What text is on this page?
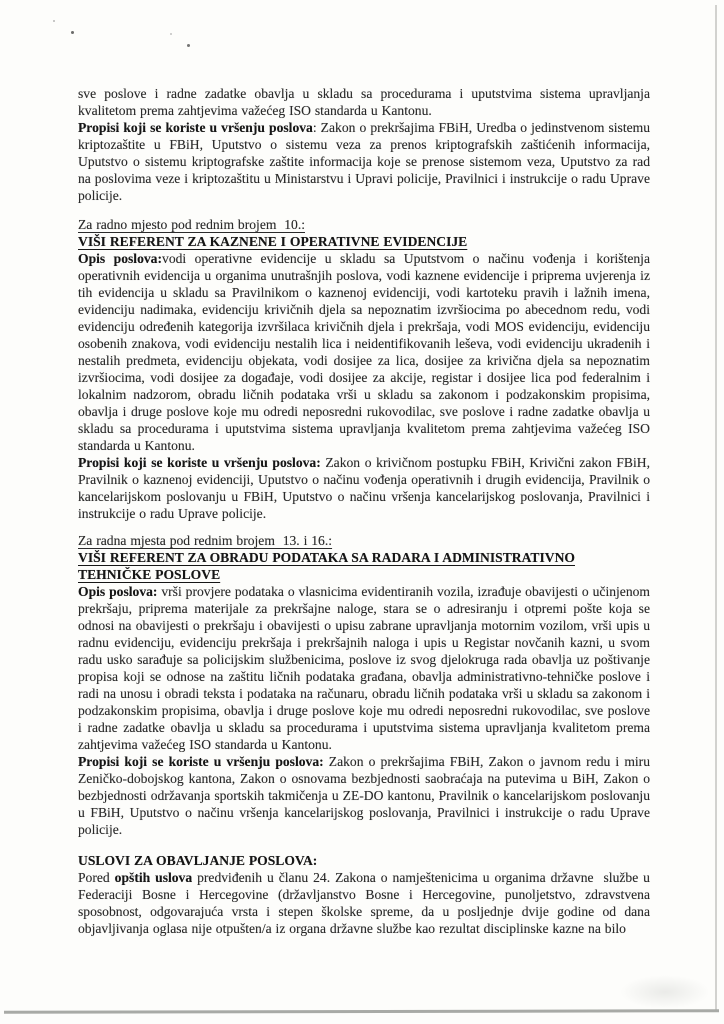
sve poslove i radne zadatke obavlja u skladu sa procedurama i uputstvima sistema upravljanja kvalitetom prema zahtjevima važećeg ISO standarda u Kantonu.

Propisi koji se koriste u vršenju poslova: Zakon o prekršajima FBiH, Uredba o jedinstvenom sistemu kriptozaštite u FBiH, Uputstvo o sistemu veza za prenos kriptografskih zaštićenih informacija, Uputstvo o sistemu kriptografske zaštite informacija koje se prenose sistemom veza, Uputstvo za rad na poslovima veze i kriptozaštitu u Ministarstvu i Upravi policije, Pravilnici i instrukcije o radu Uprave policije.

Za radno mjesto pod rednim brojem  10.:

VIŠI REFERENT ZA KAZNENE I OPERATIVNE EVIDENCIJE

Opis poslova:vodi operativne evidencije u skladu sa Uputstvom o načinu vođenja i korištenja operativnih evidencija u organima unutrašnjih poslova, vodi kaznene evidencije i priprema uvjerenja iz tih evidencija u skladu sa Pravilnikom o kaznenoj evidenciji, vodi kartoteku pravih i lažnih imena, evidenciju nadimaka, evidenciju krivičnih djela sa nepoznatim izvršiocima po abecednom redu, vodi evidenciju određenih kategorija izvršilaca krivičnih djela i prekršaja, vodi MOS evidenciju, evidenciju osobenih znakova, vodi evidenciju nestalih lica i neidentifikovanih leševa, vodi evidenciju ukradenih i nestalih predmeta, evidenciju objekata, vodi dosijee za lica, dosijee za krivična djela sa nepoznatim izvršiocima, vodi dosijee za događaje, vodi dosijee za akcije, registar i dosijee lica pod federalnim i lokalnim nadzorom, obradu ličnih podataka vrši u skladu sa zakonom i podzakonskim propisima, obavlja i druge poslove koje mu odredi neposredni rukovodilac, sve poslove i radne zadatke obavlja u skladu sa procedurama i uputstvima sistema upravljanja kvalitetom prema zahtjevima važećeg ISO standarda u Kantonu.

Propisi koji se koriste u vršenju poslova: Zakon o krivičnom postupku FBiH, Krivični zakon FBiH, Pravilnik o kaznenoj evidenciji, Uputstvo o načinu vođenja operativnih i drugih evidencija, Pravilnik o kancelarijskom poslovanju u FBiH, Uputstvo o načinu vršenja kancelarijskog poslovanja, Pravilnici i instrukcije o radu Uprave policije.

Za radna mjesta pod rednim brojem  13. i 16.:

VIŠI REFERENT ZA OBRADU PODATAKA SA RADARA I ADMINISTRATIVNO
TEHNIČKE POSLOVE

Opis poslova: vrši provjere podataka o vlasnicima evidentiranih vozila, izrađuje obavijesti o učinjenom prekršaju, priprema materijale za prekršajne naloge, stara se o adresiranju i otpremi pošte koja se odnosi na obavijesti o prekršaju i obavijesti o upisu zabrane upravljanja motornim vozilom, vrši upis u radnu evidenciju, evidenciju prekršaja i prekršajnih naloga i upis u Registar novčanih kazni, u svom radu usko sarađuje sa policijskim službenicima, poslove iz svog djelokruga rada obavlja uz poštivanje propisa koji se odnose na zaštitu ličnih podataka građana, obavlja administrativno-tehničke poslove i radi na unosu i obradi teksta i podataka na računaru, obradu ličnih podataka vrši u skladu sa zakonom i podzakonskim propisima, obavlja i druge poslove koje mu odredi neposredni rukovodilac, sve poslove i radne zadatke obavlja u skladu sa procedurama i uputstvima sistema upravljanja kvalitetom prema zahtjevima važećeg ISO standarda u Kantonu.

Propisi koji se koriste u vršenju poslova: Zakon o prekršajima FBiH, Zakon o javnom redu i miru Zeničko-dobojskog kantona, Zakon o osnovama bezbjednosti saobraćaja na putevima u BiH, Zakon o bezbjednosti održavanja sportskih takmičenja u ZE-DO kantonu, Pravilnik o kancelarijskom poslovanju u FBiH, Uputstvo o načinu vršenja kancelarijskog poslovanja, Pravilnici i instrukcije o radu Uprave policije.

USLOVI ZA OBAVLJANJE POSLOVA:

Pored opštih uslova predviđenih u članu 24. Zakona o namještenicima u organima državne  službe u Federaciji Bosne i Hercegovine (državljanstvo Bosne i Hercegovine, punoljetstvo, zdravstvena sposobnost, odgovarajuća vrsta i stepen školske spreme, da u posljednje dvije godine od dana objavljivanja oglasa nije otpušten/a iz organa državne službe kao rezultat disciplinske kazne na bilo
